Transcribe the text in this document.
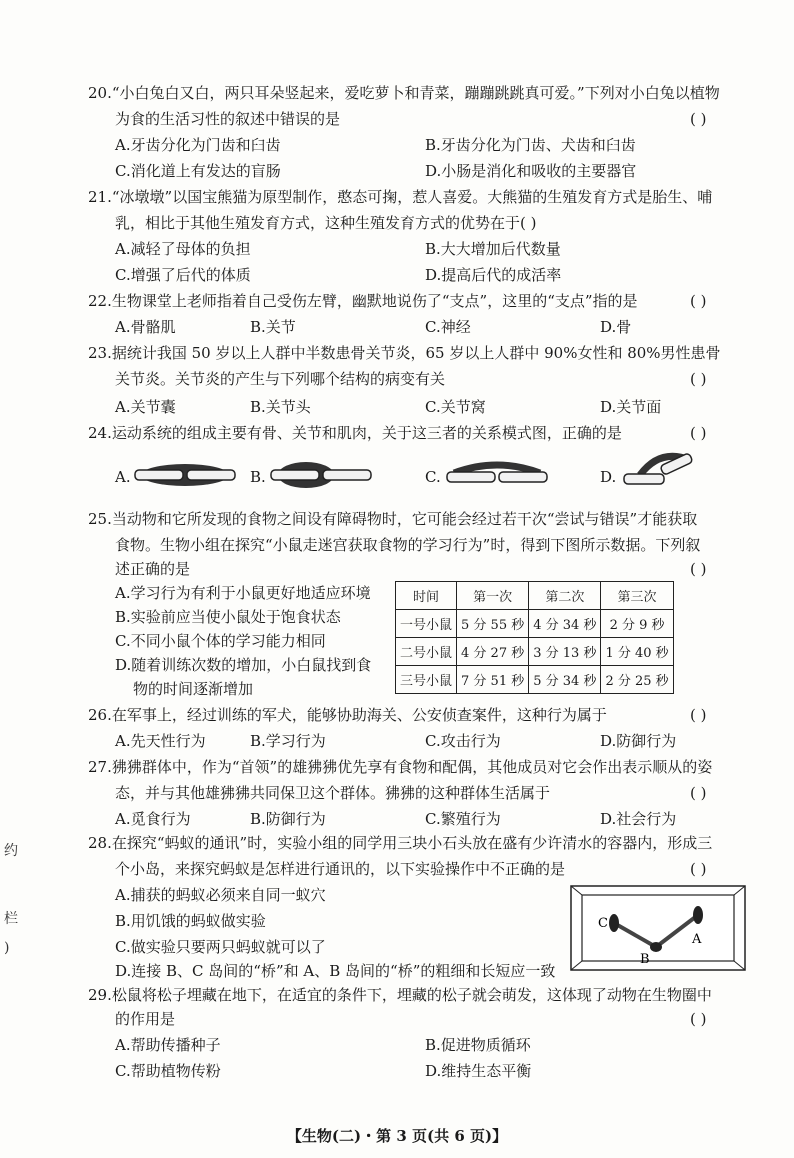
约
栏
)
20.“小白兔白又白，两只耳朵竖起来，爱吃萝卜和青菜，蹦蹦跳跳真可爱。”下列对小白兔以植物
为食的生活习性的叙述中错误的是	( )
A.牙齿分化为门齿和臼齿	B.牙齿分化为门齿、犬齿和臼齿
C.消化道上有发达的盲肠	D.小肠是消化和吸收的主要器官
21.“冰墩墩”以国宝熊猫为原型制作，憨态可掬，惹人喜爱。大熊猫的生殖发育方式是胎生、哺
乳，相比于其他生殖发育方式，这种生殖发育方式的优势在于( )
A.减轻了母体的负担	B.大大增加后代数量
C.增强了后代的体质	D.提高后代的成活率
22.生物课堂上老师指着自己受伤左臂，幽默地说伤了“支点”，这里的“支点”指的是	( )
A.骨骼肌	B.关节	C.神经	D.骨
23.据统计我国 50 岁以上人群中半数患骨关节炎，65 岁以上人群中 90%女性和 80%男性患骨
关节炎。关节炎的产生与下列哪个结构的病变有关	( )
A.关节囊	B.关节头	C.关节窝	D.关节面
24.运动系统的组成主要有骨、关节和肌肉，关于这三者的关系模式图，正确的是	( )
A.	B.	C.	D.
25.当动物和它所发现的食物之间设有障碍物时，它可能会经过若干次“尝试与错误”才能获取
食物。生物小组在探究“小鼠走迷宫获取食物的学习行为”时，得到下图所示数据。下列叙
述正确的是	( )
A.学习行为有利于小鼠更好地适应环境
B.实验前应当使小鼠处于饱食状态
C.不同小鼠个体的学习能力相同
D.随着训练次数的增加，小白鼠找到食
物的时间逐渐增加
时间	第一次	第二次	第三次
一号小鼠	5 分 55 秒	4 分 34 秒	2 分 9 秒
二号小鼠	4 分 27 秒	3 分 13 秒	1 分 40 秒
三号小鼠	7 分 51 秒	5 分 34 秒	2 分 25 秒
26.在军事上，经过训练的军犬，能够协助海关、公安侦查案件，这种行为属于	( )
A.先天性行为	B.学习行为	C.攻击行为	D.防御行为
27.狒狒群体中，作为“首领”的雄狒狒优先享有食物和配偶，其他成员对它会作出表示顺从的姿
态，并与其他雄狒狒共同保卫这个群体。狒狒的这种群体生活属于	( )
A.觅食行为	B.防御行为	C.繁殖行为	D.社会行为
28.在探究“蚂蚁的通讯”时，实验小组的同学用三块小石头放在盛有少许清水的容器内，形成三
个小岛，来探究蚂蚁是怎样进行通讯的，以下实验操作中不正确的是	( )
A.捕获的蚂蚁必须来自同一蚁穴
B.用饥饿的蚂蚁做实验
C.做实验只要两只蚂蚁就可以了
D.连接 B、C 岛间的“桥”和 A、B 岛间的“桥”的粗细和长短应一致
C
B
A
29.松鼠将松子埋藏在地下，在适宜的条件下，埋藏的松子就会萌发，这体现了动物在生物圈中
的作用是	( )
A.帮助传播种子	B.促进物质循环
C.帮助植物传粉	D.维持生态平衡
【生物(二)・第 3 页(共 6 页)】
